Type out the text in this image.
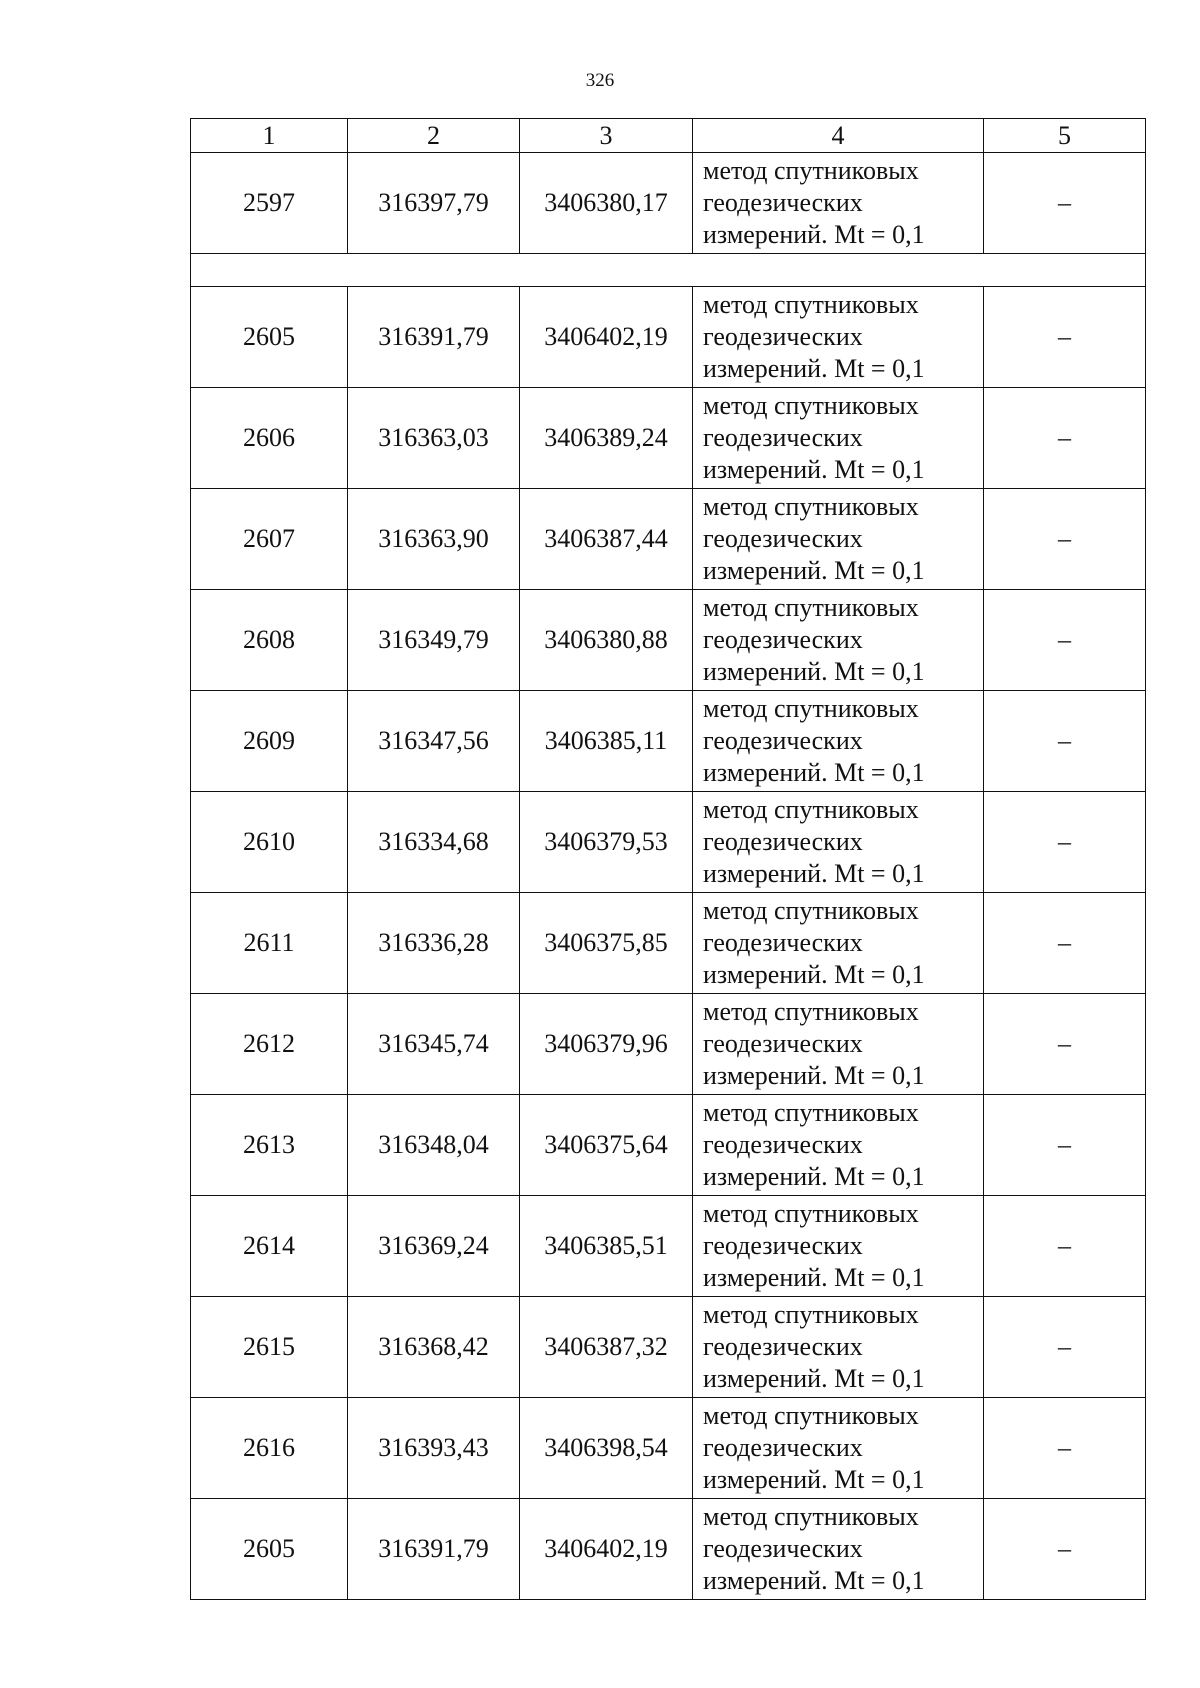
326
1	2	3	4	5
2597	316397,79	3406380,17	метод спутниковых
геодезических
измерений. Mt = 0,1	–

2605	316391,79	3406402,19	метод спутниковых
геодезических
измерений. Mt = 0,1	–
2606	316363,03	3406389,24	метод спутниковых
геодезических
измерений. Mt = 0,1	–
2607	316363,90	3406387,44	метод спутниковых
геодезических
измерений. Mt = 0,1	–
2608	316349,79	3406380,88	метод спутниковых
геодезических
измерений. Mt = 0,1	–
2609	316347,56	3406385,11	метод спутниковых
геодезических
измерений. Mt = 0,1	–
2610	316334,68	3406379,53	метод спутниковых
геодезических
измерений. Mt = 0,1	–
2611	316336,28	3406375,85	метод спутниковых
геодезических
измерений. Mt = 0,1	–
2612	316345,74	3406379,96	метод спутниковых
геодезических
измерений. Mt = 0,1	–
2613	316348,04	3406375,64	метод спутниковых
геодезических
измерений. Mt = 0,1	–
2614	316369,24	3406385,51	метод спутниковых
геодезических
измерений. Mt = 0,1	–
2615	316368,42	3406387,32	метод спутниковых
геодезических
измерений. Mt = 0,1	–
2616	316393,43	3406398,54	метод спутниковых
геодезических
измерений. Mt = 0,1	–
2605	316391,79	3406402,19	метод спутниковых
геодезических
измерений. Mt = 0,1	–
